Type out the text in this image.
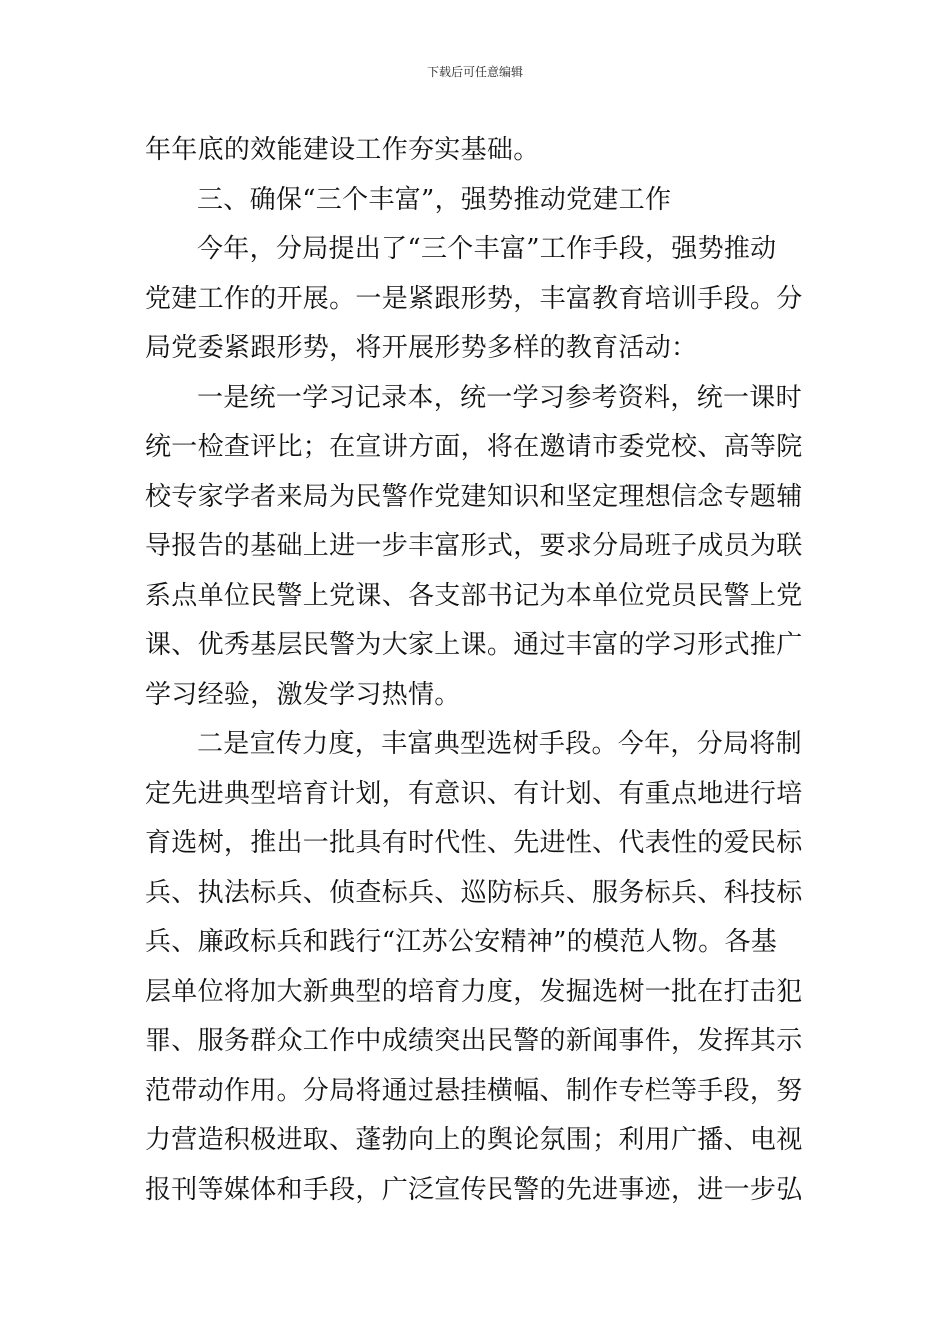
下载后可任意编辑
年年底的效能建设工作夯实基础。
三、确保“三个丰富”，强势推动党建工作
今年，分局提出了“三个丰富”工作手段，强势推动
党建工作的开展。一是紧跟形势，丰富教育培训手段。分
局党委紧跟形势，将开展形势多样的教育活动：
一是统一学习记录本，统一学习参考资料，统一课时
统一检查评比；在宣讲方面，将在邀请市委党校、高等院
校专家学者来局为民警作党建知识和坚定理想信念专题辅
导报告的基础上进一步丰富形式，要求分局班子成员为联
系点单位民警上党课、各支部书记为本单位党员民警上党
课、优秀基层民警为大家上课。通过丰富的学习形式推广
学习经验，激发学习热情。
二是宣传力度，丰富典型选树手段。今年，分局将制
定先进典型培育计划，有意识、有计划、有重点地进行培
育选树，推出一批具有时代性、先进性、代表性的爱民标
兵、执法标兵、侦查标兵、巡防标兵、服务标兵、科技标
兵、廉政标兵和践行“江苏公安精神”的模范人物。各基
层单位将加大新典型的培育力度，发掘选树一批在打击犯
罪、服务群众工作中成绩突出民警的新闻事件，发挥其示
范带动作用。分局将通过悬挂横幅、制作专栏等手段，努
力营造积极进取、蓬勃向上的舆论氛围；利用广播、电视
报刊等媒体和手段，广泛宣传民警的先进事迹，进一步弘
